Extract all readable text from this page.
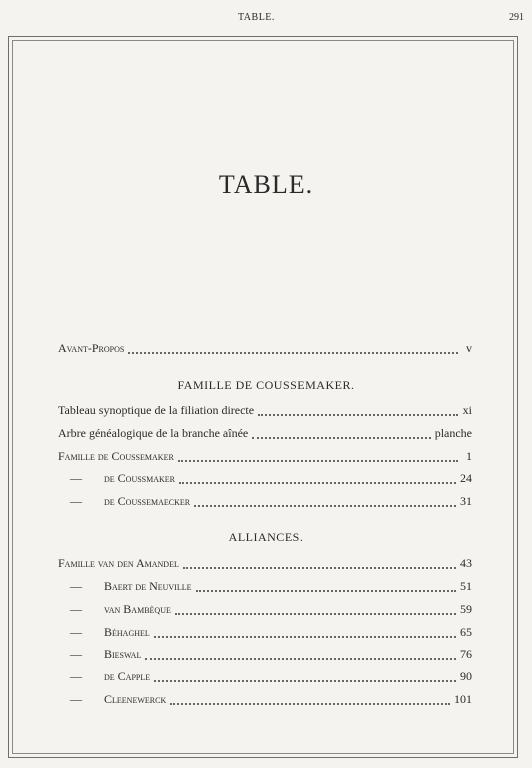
TABLE.	291
TABLE.
Avant-Propos	v
FAMILLE DE COUSSEMAKER.
Tableau synoptique de la filiation directe	xi
Arbre généalogique de la branche aînée	planche
Famille de Coussemaker	1
—	de Coussmaker	24
—	de Coussemaecker	31
ALLIANCES.
Famille van den Amandel	43
—	Baert de Neuville	51
—	van Bambèque	59
—	Béhaghel	65
—	Bieswal	76
—	de Capple	90
—	Cleenewerck	101
